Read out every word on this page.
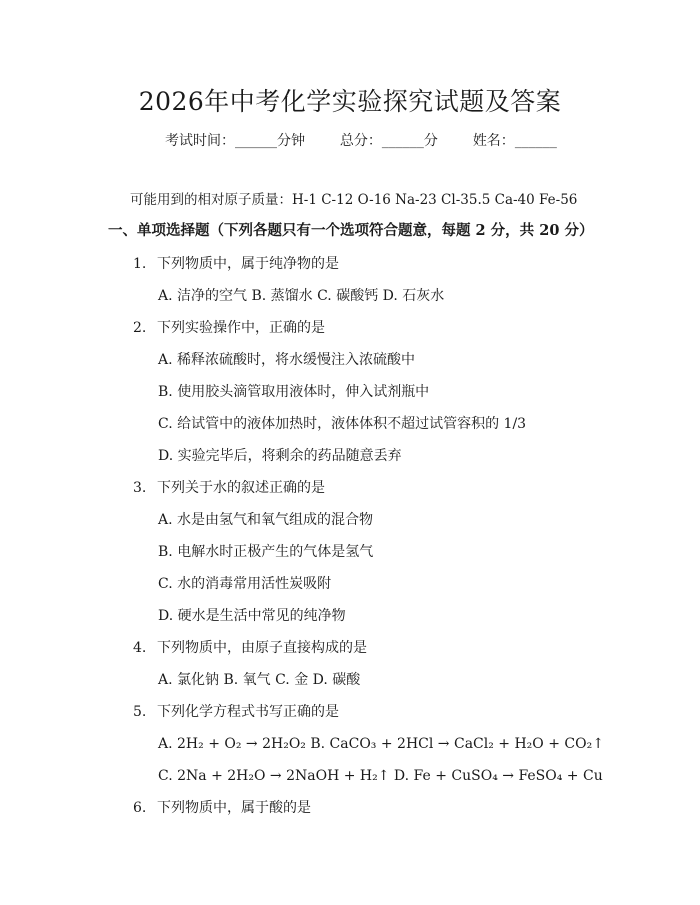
2026年中考化学实验探究试题及答案
考试时间：______分钟 总分：______分 姓名：______
可能用到的相对原子质量：H-1 C-12 O-16 Na-23 Cl-35.5 Ca-40 Fe-56
一、单项选择题（下列各题只有一个选项符合题意，每题 2 分，共 20 分）
1. 下列物质中，属于纯净物的是
A. 洁净的空气 B. 蒸馏水 C. 碳酸钙 D. 石灰水
2. 下列实验操作中，正确的是
A. 稀释浓硫酸时，将水缓慢注入浓硫酸中
B. 使用胶头滴管取用液体时，伸入试剂瓶中
C. 给试管中的液体加热时，液体体积不超过试管容积的 1/3
D. 实验完毕后，将剩余的药品随意丢弃
3. 下列关于水的叙述正确的是
A. 水是由氢气和氧气组成的混合物
B. 电解水时正极产生的气体是氢气
C. 水的消毒常用活性炭吸附
D. 硬水是生活中常见的纯净物
4. 下列物质中，由原子直接构成的是
A. 氯化钠 B. 氧气 C. 金 D. 碳酸
5. 下列化学方程式书写正确的是
A. 2H₂ + O₂ → 2H₂O₂ B. CaCO₃ + 2HCl → CaCl₂ + H₂O + CO₂↑
C. 2Na + 2H₂O → 2NaOH + H₂↑ D. Fe + CuSO₄ → FeSO₄ + Cu
6. 下列物质中，属于酸的是
